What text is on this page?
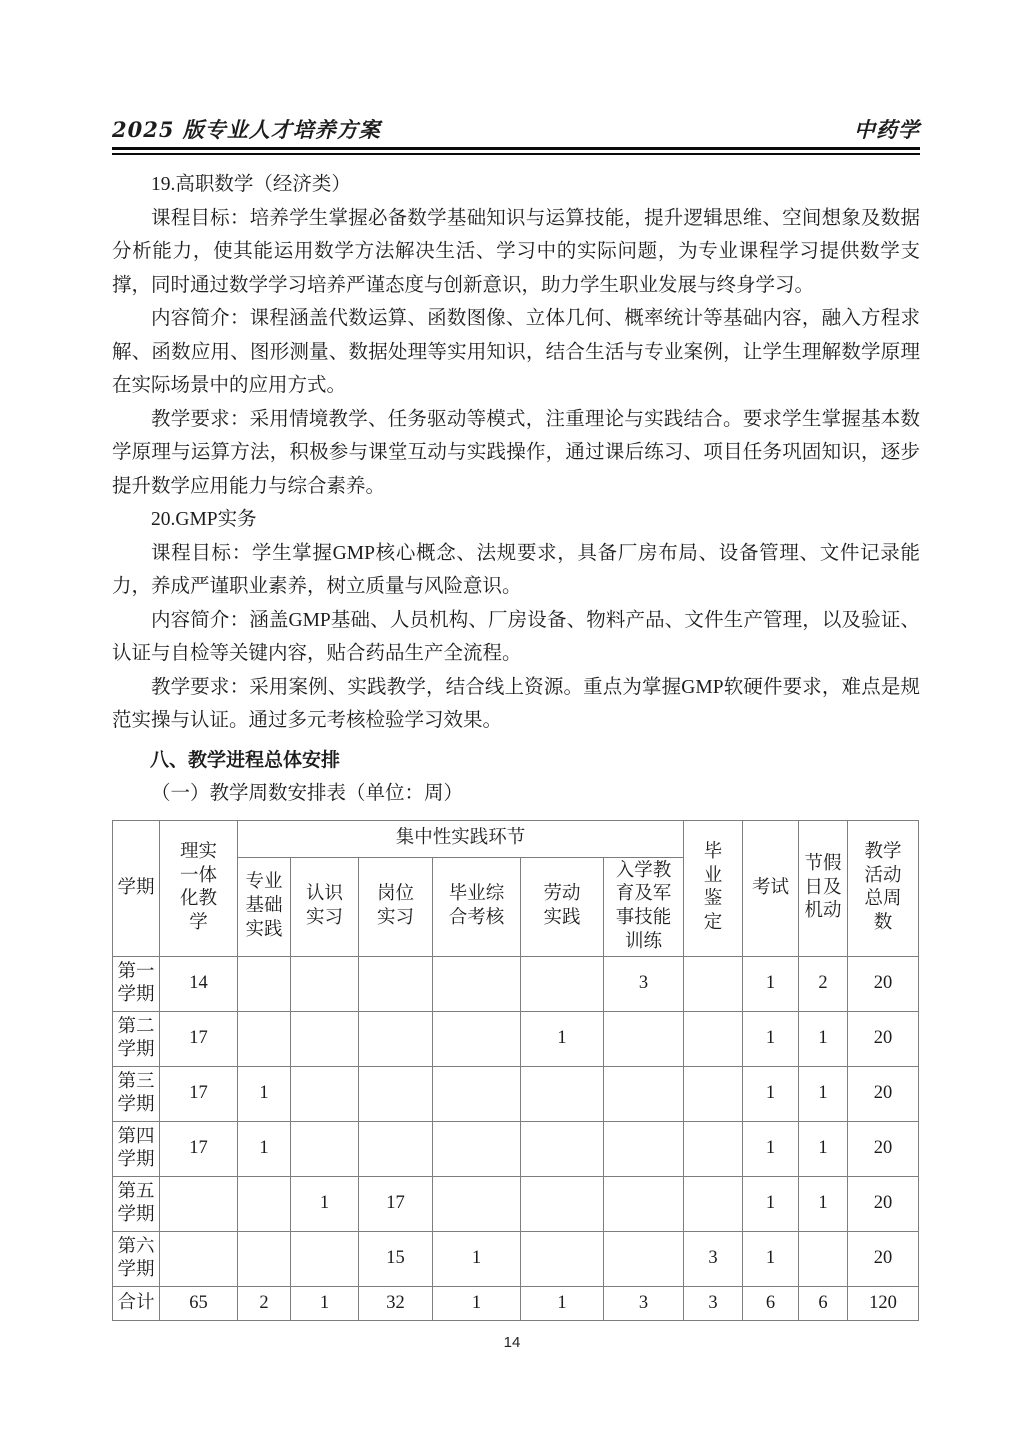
2025 版专业人才培养方案	中药学

19.高职数学（经济类）

课程目标：培养学生掌握必备数学基础知识与运算技能，提升逻辑思维、空间想象及数据分析能力，使其能运用数学方法解决生活、学习中的实际问题，为专业课程学习提供数学支撑，同时通过数学学习培养严谨态度与创新意识，助力学生职业发展与终身学习。

内容简介：课程涵盖代数运算、函数图像、立体几何、概率统计等基础内容，融入方程求解、函数应用、图形测量、数据处理等实用知识，结合生活与专业案例，让学生理解数学原理在实际场景中的应用方式。

教学要求：采用情境教学、任务驱动等模式，注重理论与实践结合。要求学生掌握基本数学原理与运算方法，积极参与课堂互动与实践操作，通过课后练习、项目任务巩固知识，逐步提升数学应用能力与综合素养。

20.GMP实务

课程目标：学生掌握GMP核心概念、法规要求，具备厂房布局、设备管理、文件记录能力，养成严谨职业素养，树立质量与风险意识。

内容简介：涵盖GMP基础、人员机构、厂房设备、物料产品、文件生产管理，以及验证、认证与自检等关键内容，贴合药品生产全流程。

教学要求：采用案例、实践教学，结合线上资源。重点为掌握GMP软硬件要求，难点是规范实操与认证。通过多元考核检验学习效果。

八、教学进程总体安排

（一）教学周数安排表（单位：周）

学期	理实一体化教学	集中性实践环节						毕业鉴定	考试	节假日及机动	教学活动总周数

		专业基础实践	认识实习	岗位实习	毕业综合考核	劳动实践	入学教育及军事技能训练				

第一学期	14						3		1	2	20

第二学期	17					1			1	1	20

第三学期	17	1							1	1	20

第四学期	17	1							1	1	20

第五学期			1	17					1	1	20

第六学期				15	1			3	1		20

合计	65	2	1	32	1	1	3	3	6	6	120
14
